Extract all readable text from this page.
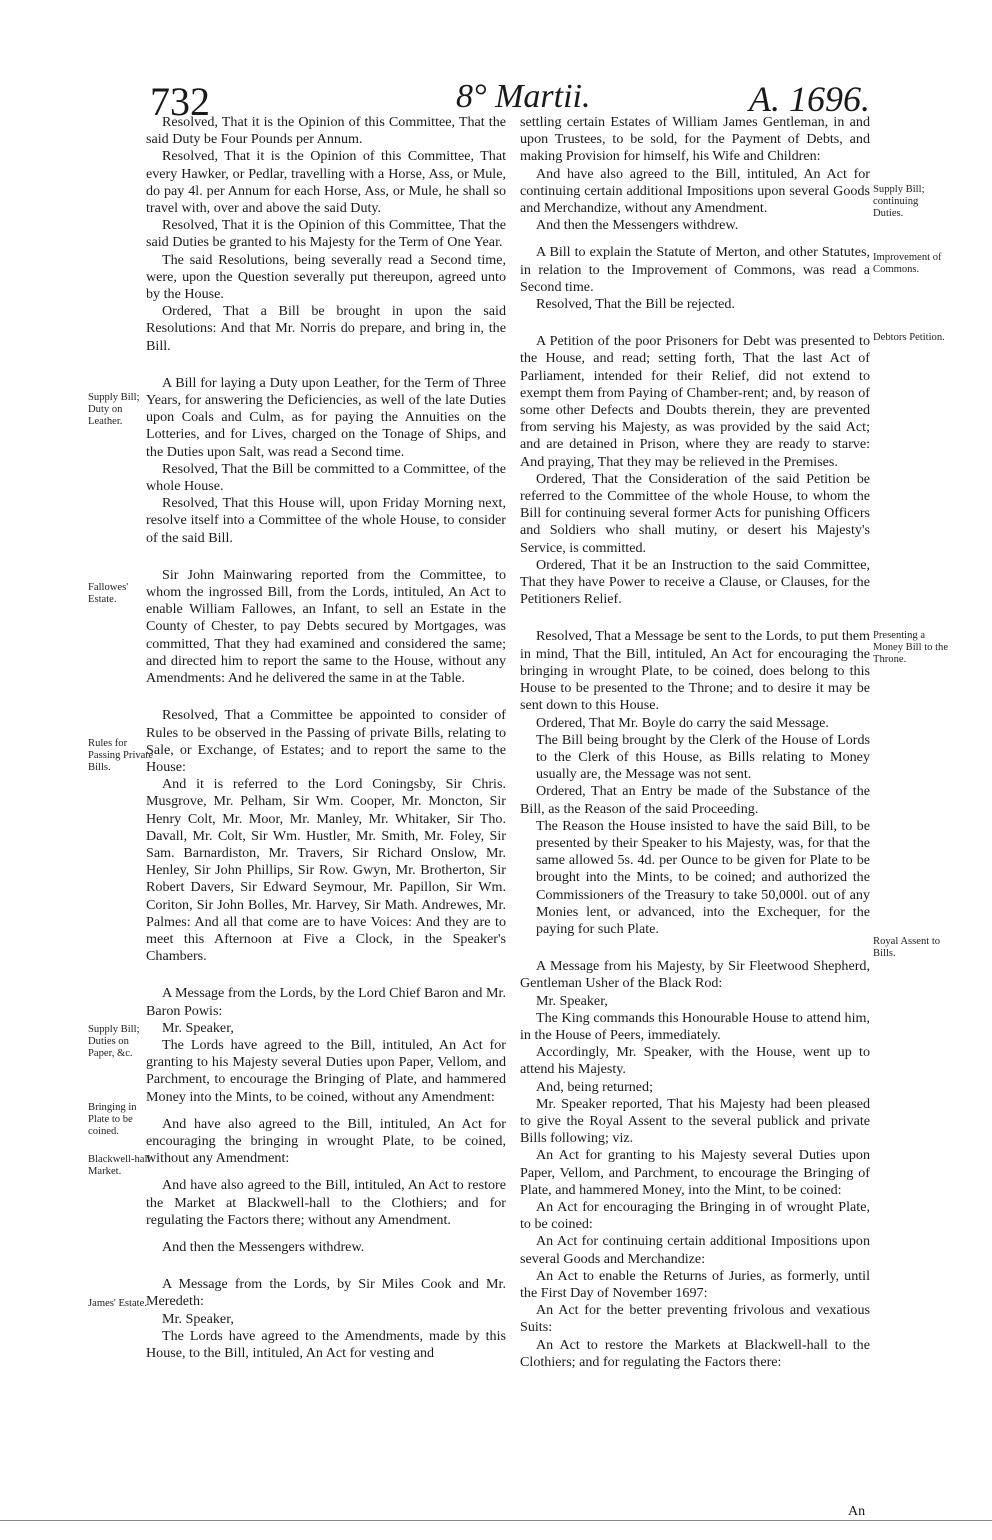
732	8° Martii.	A. 1696.

Resolved, That it is the Opinion of this Committee, That the said Duty be Four Pounds per Annum.

Resolved, That it is the Opinion of this Committee, That every Hawker, or Pedlar, travelling with a Horse, Ass, or Mule, do pay 4l. per Annum for each Horse, Ass, or Mule, he shall so travel with, over and above the said Duty.

Resolved, That it is the Opinion of this Committee, That the said Duties be granted to his Majesty for the Term of One Year.

The said Resolutions, being severally read a Second time, were, upon the Question severally put thereupon, agreed unto by the House.

Ordered, That a Bill be brought in upon the said Resolutions: And that Mr. Norris do prepare, and bring in, the Bill.

A Bill for laying a Duty upon Leather, for the Term of Three Years, for answering the Deficiencies, as well of the late Duties upon Coals and Culm, as for paying the Annuities on the Lotteries, and for Lives, charged on the Tonage of Ships, and the Duties upon Salt, was read a Second time.

Resolved, That the Bill be committed to a Committee, of the whole House.

Resolved, That this House will, upon Friday Morning next, resolve itself into a Committee of the whole House, to consider of the said Bill.

Sir John Mainwaring reported from the Committee, to whom the ingrossed Bill, from the Lords, intituled, An Act to enable William Fallowes, an Infant, to sell an Estate in the County of Chester, to pay Debts secured by Mortgages, was committed, That they had examined and considered the same; and directed him to report the same to the House, without any Amendments: And he delivered the same in at the Table.

Resolved, That a Committee be appointed to consider of Rules to be observed in the Passing of private Bills, relating to Sale, or Exchange, of Estates; and to report the same to the House:

And it is referred to the Lord Coningsby, Sir Chris. Musgrove, Mr. Pelham, Sir Wm. Cooper, Mr. Moncton, Sir Henry Colt, Mr. Moor, Mr. Manley, Mr. Whitaker, Sir Tho. Davall, Mr. Colt, Sir Wm. Hustler, Mr. Smith, Mr. Foley, Sir Sam. Barnardiston, Mr. Travers, Sir Richard Onslow, Mr. Henley, Sir John Phillips, Sir Row. Gwyn, Mr. Brotherton, Sir Robert Davers, Sir Edward Seymour, Mr. Papillon, Sir Wm. Coriton, Sir John Bolles, Mr. Harvey, Sir Math. Andrewes, Mr. Palmes: And all that come are to have Voices: And they are to meet this Afternoon at Five a Clock, in the Speaker's Chambers.

A Message from the Lords, by the Lord Chief Baron and Mr. Baron Powis:

Mr. Speaker,

The Lords have agreed to the Bill, intituled, An Act for granting to his Majesty several Duties upon Paper, Vellom, and Parchment, to encourage the Bringing of Plate, and hammered Money into the Mints, to be coined, without any Amendment:

And have also agreed to the Bill, intituled, An Act for encouraging the bringing in wrought Plate, to be coined, without any Amendment:

And have also agreed to the Bill, intituled, An Act to restore the Market at Blackwell-hall to the Clothiers; and for regulating the Factors there; without any Amendment.

And then the Messengers withdrew.

A Message from the Lords, by Sir Miles Cook and Mr. Meredeth:

Mr. Speaker,

The Lords have agreed to the Amendments, made by this House, to the Bill, intituled, An Act for vesting and

settling certain Estates of William James Gentleman, in and upon Trustees, to be sold, for the Payment of Debts, and making Provision for himself, his Wife and Children:

And have also agreed to the Bill, intituled, An Act for continuing certain additional Impositions upon several Goods and Merchandize, without any Amendment.

And then the Messengers withdrew.

A Bill to explain the Statute of Merton, and other Statutes, in relation to the Improvement of Commons, was read a Second time.

Resolved, That the Bill be rejected.

A Petition of the poor Prisoners for Debt was presented to the House, and read; setting forth, That the last Act of Parliament, intended for their Relief, did not extend to exempt them from Paying of Chamber-rent; and, by reason of some other Defects and Doubts therein, they are prevented from serving his Majesty, as was provided by the said Act; and are detained in Prison, where they are ready to starve: And praying, That they may be relieved in the Premises.

Ordered, That the Consideration of the said Petition be referred to the Committee of the whole House, to whom the Bill for continuing several former Acts for punishing Officers and Soldiers who shall mutiny, or desert his Majesty's Service, is committed.

Ordered, That it be an Instruction to the said Committee, That they have Power to receive a Clause, or Clauses, for the Petitioners Relief.

Resolved, That a Message be sent to the Lords, to put them in mind, That the Bill, intituled, An Act for encouraging the bringing in wrought Plate, to be coined, does belong to this House to be presented to the Throne; and to desire it may be sent down to this House.

Ordered, That Mr. Boyle do carry the said Message.

The Bill being brought by the Clerk of the House of Lords to the Clerk of this House, as Bills relating to Money usually are, the Message was not sent.

Ordered, That an Entry be made of the Substance of the Bill, as the Reason of the said Proceeding.

The Reason the House insisted to have the said Bill, to be presented by their Speaker to his Majesty, was, for that the same allowed 5s. 4d. per Ounce to be given for Plate to be brought into the Mints, to be coined; and authorized the Commissioners of the Treasury to take 50,000l. out of any Monies lent, or advanced, into the Exchequer, for the paying for such Plate.

A Message from his Majesty, by Sir Fleetwood Shepherd, Gentleman Usher of the Black Rod:

Mr. Speaker,

The King commands this Honourable House to attend him, in the House of Peers, immediately.

Accordingly, Mr. Speaker, with the House, went up to attend his Majesty.

And, being returned;

Mr. Speaker reported, That his Majesty had been pleased to give the Royal Assent to the several publick and private Bills following; viz.

An Act for granting to his Majesty several Duties upon Paper, Vellom, and Parchment, to encourage the Bringing of Plate, and hammered Money, into the Mint, to be coined:

An Act for encouraging the Bringing in of wrought Plate, to be coined:

An Act for continuing certain additional Impositions upon several Goods and Merchandize:

An Act to enable the Returns of Juries, as formerly, until the First Day of November 1697:

An Act for the better preventing frivolous and vexatious Suits:

An Act to restore the Markets at Blackwell-hall to the Clothiers; and for regulating the Factors there:

Supply Bill; Duty on Leather.
Fallowes' Estate.
Rules for Passing Private Bills.
Supply Bill; Duties on Paper, &c.
Bringing in Plate to be coined.
Blackwell-hall Market.
James' Estate.
Supply Bill; continuing Duties.
Improvement of Commons.
Debtors Petition.
Presenting a Money Bill to the Throne.
Royal Assent to Bills.
An
